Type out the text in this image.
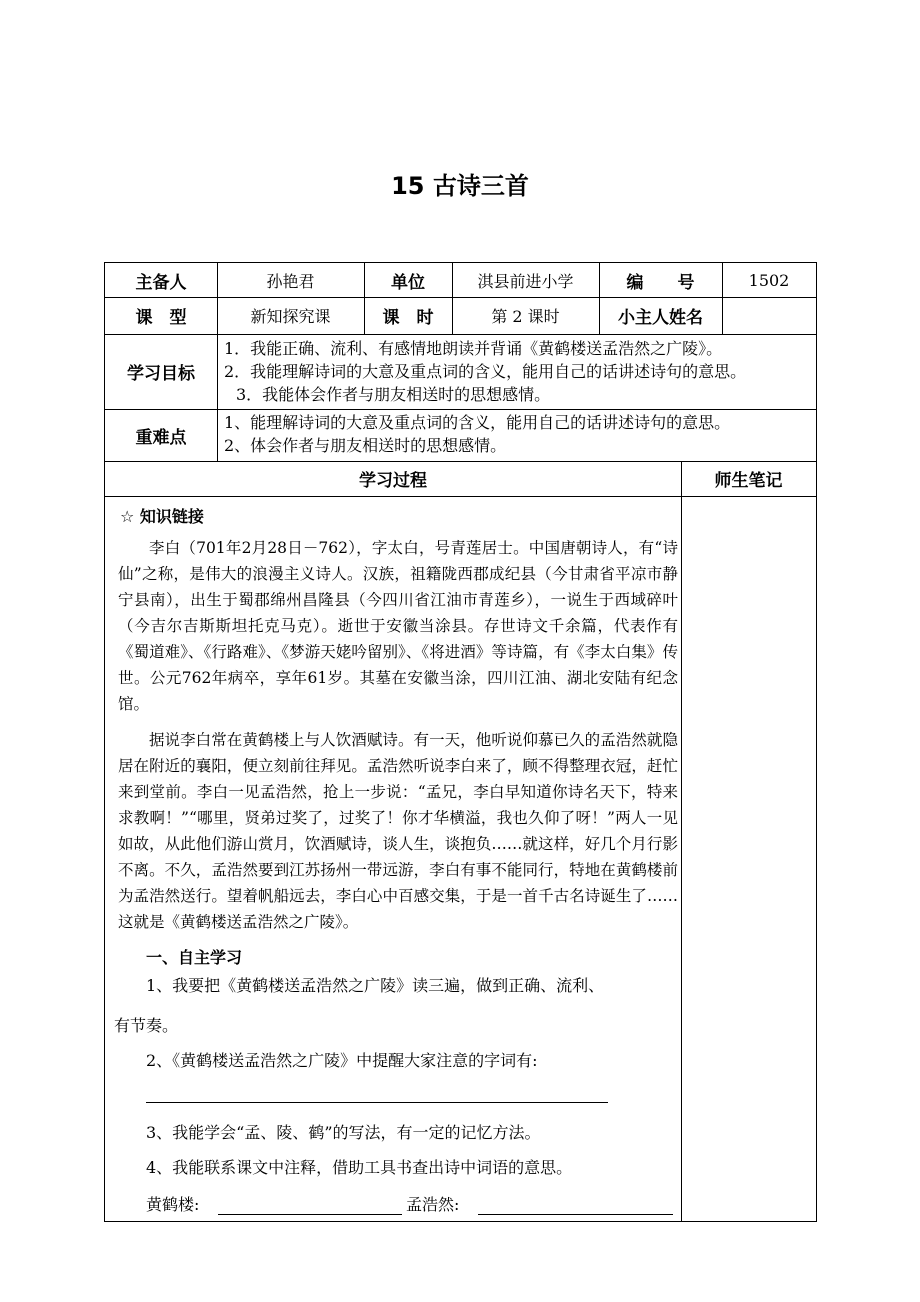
15 古诗三首
主备人	孙艳君	单位	淇县前进小学	编　　号	1502
课　型	新知探究课	课　时	第 2 课时	小主人姓名
学习目标

1．我能正确、流利、有感情地朗读并背诵《黄鹤楼送孟浩然之广陵》。

2．我能理解诗词的大意及重点词的含义，能用自己的话讲述诗句的意思。

3．我能体会作者与朋友相送时的思想感情。

重难点

1、能理解诗词的大意及重点词的含义，能用自己的话讲述诗句的意思。

2、体会作者与朋友相送时的思想感情。

学习过程	师生笔记
☆ 知识链接
李白（701年2月28日－762），字太白，号青莲居士。中国唐朝诗人，有“诗仙”之称，是伟大的浪漫主义诗人。汉族，祖籍陇西郡成纪县（今甘肃省平凉市静宁县南），出生于蜀郡绵州昌隆县（今四川省江油市青莲乡），一说生于西域碎叶（今吉尔吉斯斯坦托克马克）。逝世于安徽当涂县。存世诗文千余篇，代表作有《蜀道难》、《行路难》、《梦游天姥吟留别》、《将进酒》等诗篇，有《李太白集》传世。公元762年病卒，享年61岁。其墓在安徽当涂，四川江油、湖北安陆有纪念馆。
据说李白常在黄鹤楼上与人饮酒赋诗。有一天，他听说仰慕已久的孟浩然就隐居在附近的襄阳，便立刻前往拜见。孟浩然听说李白来了，顾不得整理衣冠，赶忙来到堂前。李白一见孟浩然，抢上一步说：“孟兄，李白早知道你诗名天下，特来求教啊！”“哪里，贤弟过奖了，过奖了！你才华横溢，我也久仰了呀！”两人一见如故，从此他们游山赏月，饮酒赋诗，谈人生，谈抱负……就这样，好几个月行影不离。不久，孟浩然要到江苏扬州一带远游，李白有事不能同行，特地在黄鹤楼前为孟浩然送行。望着帆船远去，李白心中百感交集，于是一首千古名诗诞生了……这就是《黄鹤楼送孟浩然之广陵》。
一、自主学习
1、我要把《黄鹤楼送孟浩然之广陵》读三遍，做到正确、流利、
有节奏。
2、《黄鹤楼送孟浩然之广陵》中提醒大家注意的字词有:
3、我能学会“孟、陵、鹤”的写法，有一定的记忆方法。
4、我能联系课文中注释，借助工具书查出诗中词语的意思。
黄鹤楼:	孟浩然:
